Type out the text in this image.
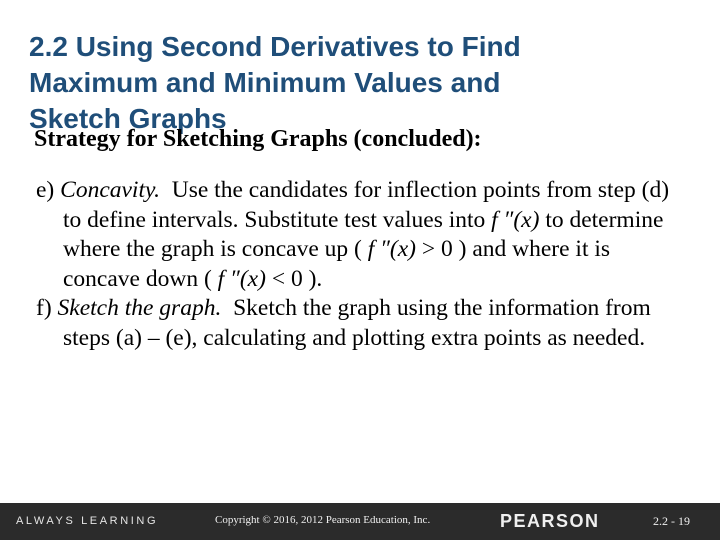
2.2 Using Second Derivatives to Find
Maximum and Minimum Values and
Sketch Graphs
Strategy for Sketching Graphs (concluded):

e) Concavity. Use the candidates for inflection points from step (d) to define intervals. Substitute test values into f ″(x) to determine where the graph is concave up ( f ″(x) > 0 ) and where it is concave down ( f ″(x) < 0 ).

f) Sketch the graph. Sketch the graph using the information from steps (a) – (e), calculating and plotting extra points as needed.

ALWAYS LEARNING	Copyright © 2016, 2012 Pearson Education, Inc.	PEARSON	2.2 - 19
